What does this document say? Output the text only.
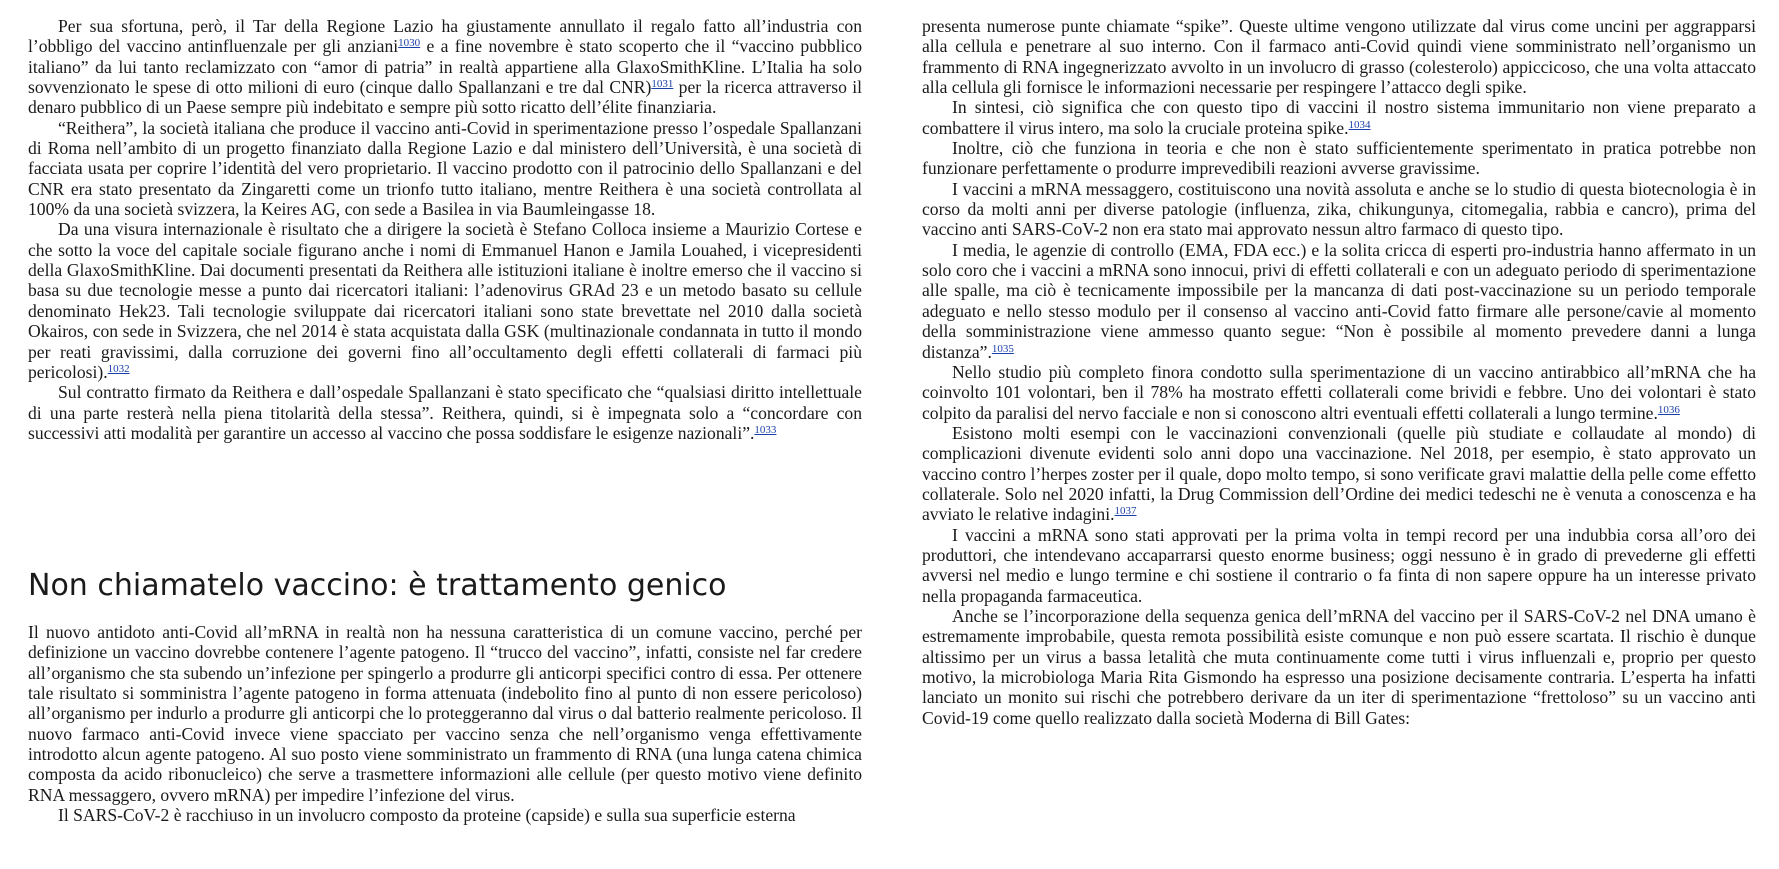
Per sua sfortuna, però, il Tar della Regione Lazio ha giustamente annullato il regalo fatto all’industria con l’obbligo del vaccino antinfluenzale per gli anziani$^{1030}$ e a fine novembre è stato scoperto che il “vaccino pubblico italiano” da lui tanto reclamizzato con “amor di patria” in realtà appartiene alla GlaxoSmithKline. L’Italia ha solo sovvenzionato le spese di otto milioni di euro (cinque dallo Spallanzani e tre dal CNR)$^{1031}$ per la ricerca attraverso il denaro pubblico di un Paese sempre più indebitato e sempre più sotto ricatto dell’élite finanziaria.

“Reithera”, la società italiana che produce il vaccino anti-Covid in sperimentazione presso l’ospedale Spallanzani di Roma nell’ambito di un progetto finanziato dalla Regione Lazio e dal ministero dell’Università, è una società di facciata usata per coprire l’identità del vero proprietario. Il vaccino prodotto con il patrocinio dello Spallanzani e del CNR era stato presentato da Zingaretti come un trionfo tutto italiano, mentre Reithera è una società controllata al 100% da una società svizzera, la Keires AG, con sede a Basilea in via Baumleingasse 18.

Da una visura internazionale è risultato che a dirigere la società è Stefano Colloca insieme a Maurizio Cortese e che sotto la voce del capitale sociale figurano anche i nomi di Emmanuel Hanon e Jamila Louahed, i vicepresidenti della GlaxoSmithKline. Dai documenti presentati da Reithera alle istituzioni italiane è inoltre emerso che il vaccino si basa su due tecnologie messe a punto dai ricercatori italiani: l’adenovirus GRAd 23 e un metodo basato su cellule denominato Hek23. Tali tecnologie sviluppate dai ricercatori italiani sono state brevettate nel 2010 dalla società Okairos, con sede in Svizzera, che nel 2014 è stata acquistata dalla GSK (multinazionale condannata in tutto il mondo per reati gravissimi, dalla corruzione dei governi fino all’occultamento degli effetti collaterali di farmaci più pericolosi).$^{1032}$

Sul contratto firmato da Reithera e dall’ospedale Spallanzani è stato specificato che “qualsiasi diritto intellettuale di una parte resterà nella piena titolarità della stessa”. Reithera, quindi, si è impegnata solo a “concordare con successivi atti modalità per garantire un accesso al vaccino che possa soddisfare le esigenze nazionali”.$^{1033}$

Non chiamatelo vaccino: è trattamento genico

Il nuovo antidoto anti-Covid all’mRNA in realtà non ha nessuna caratteristica di un comune vaccino, perché per definizione un vaccino dovrebbe contenere l’agente patogeno. Il “trucco del vaccino”, infatti, consiste nel far credere all’organismo che sta subendo un’infezione per spingerlo a produrre gli anticorpi specifici contro di essa. Per ottenere tale risultato si somministra l’agente patogeno in forma attenuata (indebolito fino al punto di non essere pericoloso) all’organismo per indurlo a produrre gli anticorpi che lo proteggeranno dal virus o dal batterio realmente pericoloso. Il nuovo farmaco anti-Covid invece viene spacciato per vaccino senza che nell’organismo venga effettivamente introdotto alcun agente patogeno. Al suo posto viene somministrato un frammento di RNA (una lunga catena chimica composta da acido ribonucleico) che serve a trasmettere informazioni alle cellule (per questo motivo viene definito RNA messaggero, ovvero mRNA) per impedire l’infezione del virus.

Il SARS-CoV-2 è racchiuso in un involucro composto da proteine (capside) e sulla sua superficie esterna

presenta numerose punte chiamate “spike”. Queste ultime vengono utilizzate dal virus come uncini per aggrapparsi alla cellula e penetrare al suo interno. Con il farmaco anti-Covid quindi viene somministrato nell’organismo un frammento di RNA ingegnerizzato avvolto in un involucro di grasso (colesterolo) appiccicoso, che una volta attaccato alla cellula gli fornisce le informazioni necessarie per respingere l’attacco degli spike.

In sintesi, ciò significa che con questo tipo di vaccini il nostro sistema immunitario non viene preparato a combattere il virus intero, ma solo la cruciale proteina spike.$^{1034}$

Inoltre, ciò che funziona in teoria e che non è stato sufficientemente sperimentato in pratica potrebbe non funzionare perfettamente o produrre imprevedibili reazioni avverse gravissime.

I vaccini a mRNA messaggero, costituiscono una novità assoluta e anche se lo studio di questa biotecnologia è in corso da molti anni per diverse patologie (influenza, zika, chikungunya, citomegalia, rabbia e cancro), prima del vaccino anti SARS-CoV-2 non era stato mai approvato nessun altro farmaco di questo tipo.

I media, le agenzie di controllo (EMA, FDA ecc.) e la solita cricca di esperti pro-industria hanno affermato in un solo coro che i vaccini a mRNA sono innocui, privi di effetti collaterali e con un adeguato periodo di sperimentazione alle spalle, ma ciò è tecnicamente impossibile per la mancanza di dati post-vaccinazione su un periodo temporale adeguato e nello stesso modulo per il consenso al vaccino anti-Covid fatto firmare alle persone/cavie al momento della somministrazione viene ammesso quanto segue: “Non è possibile al momento prevedere danni a lunga distanza”.$^{1035}$

Nello studio più completo finora condotto sulla sperimentazione di un vaccino antirabbico all’mRNA che ha coinvolto 101 volontari, ben il 78% ha mostrato effetti collaterali come brividi e febbre. Uno dei volontari è stato colpito da paralisi del nervo facciale e non si conoscono altri eventuali effetti collaterali a lungo termine.$^{1036}$

Esistono molti esempi con le vaccinazioni convenzionali (quelle più studiate e collaudate al mondo) di complicazioni divenute evidenti solo anni dopo una vaccinazione. Nel 2018, per esempio, è stato approvato un vaccino contro l’herpes zoster per il quale, dopo molto tempo, si sono verificate gravi malattie della pelle come effetto collaterale. Solo nel 2020 infatti, la Drug Commission dell’Ordine dei medici tedeschi ne è venuta a conoscenza e ha avviato le relative indagini.$^{1037}$

I vaccini a mRNA sono stati approvati per la prima volta in tempi record per una indubbia corsa all’oro dei produttori, che intendevano accaparrarsi questo enorme business; oggi nessuno è in grado di prevederne gli effetti avversi nel medio e lungo termine e chi sostiene il contrario o fa finta di non sapere oppure ha un interesse privato nella propaganda farmaceutica.

Anche se l’incorporazione della sequenza genica dell’mRNA del vaccino per il SARS-CoV-2 nel DNA umano è estremamente improbabile, questa remota possibilità esiste comunque e non può essere scartata. Il rischio è dunque altissimo per un virus a bassa letalità che muta continuamente come tutti i virus influenzali e, proprio per questo motivo, la microbiologa Maria Rita Gismondo ha espresso una posizione decisamente contraria. L’esperta ha infatti lanciato un monito sui rischi che potrebbero derivare da un iter di sperimentazione “frettoloso” su un vaccino anti Covid-19 come quello realizzato dalla società Moderna di Bill Gates:
